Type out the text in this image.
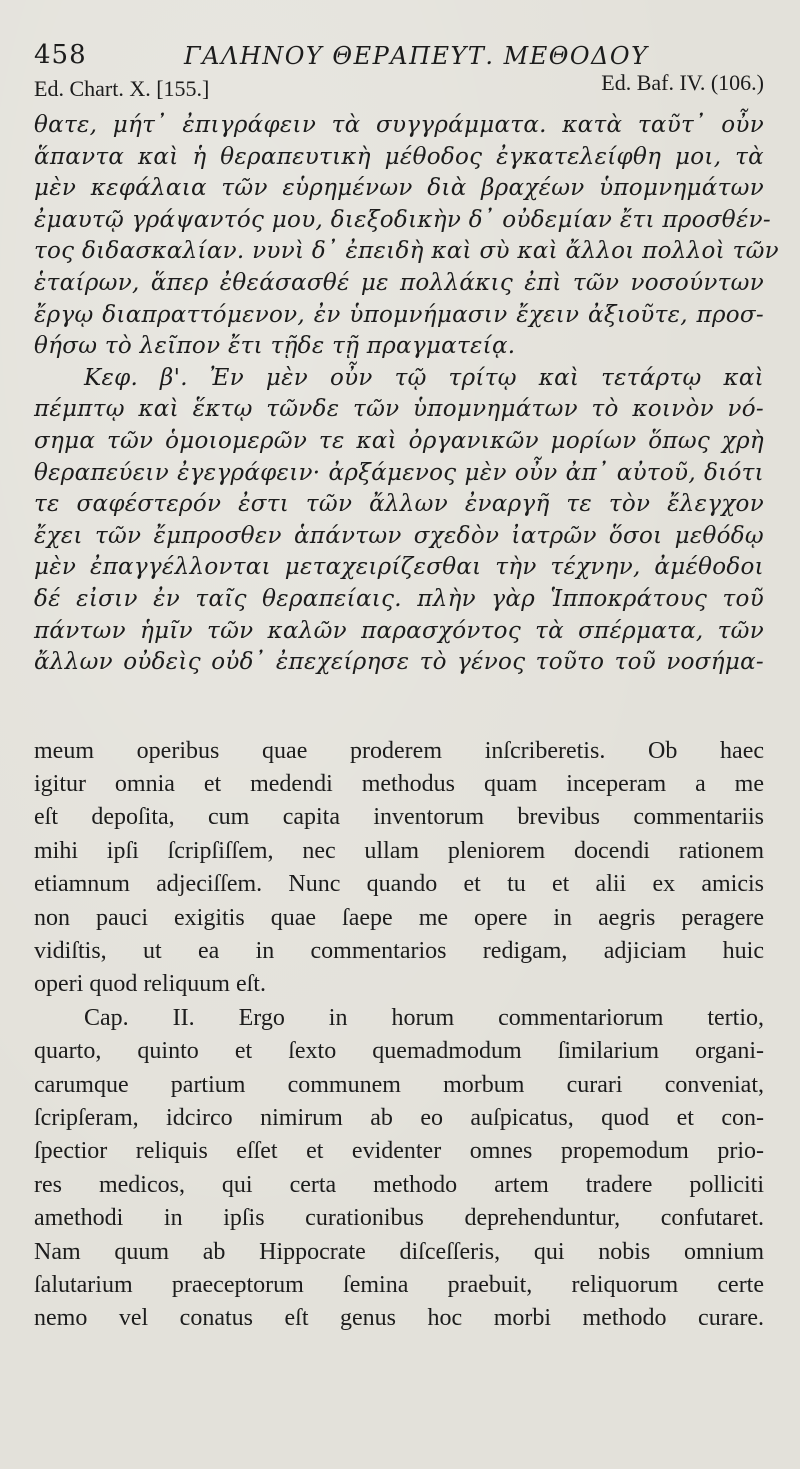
458	ΓΑΛΗΝΟΥ ΘΕΡΑΠΕΥΤ. ΜΕΘΟΔΟΥ
Ed. Chart. X. [155.]	Ed. Baf. IV. (106.)
θατε, μήτ᾿ ἐπιγράφειν τὰ συγγράμματα. κατὰ ταῦτ᾿ οὖν
ἅπαντα καὶ ἡ θεραπευτικὴ μέθοδος ἐγκατελείφθη μοι, τὰ
μὲν κεφάλαια τῶν εὑρημένων διὰ βραχέων ὑπομνημάτων
ἐμαυτῷ γράψαντός μου, διεξοδικὴν δ᾿ οὐδεμίαν ἔτι προσθέν-
τος διδασκαλίαν. νυνὶ δ᾿ ἐπειδὴ καὶ σὺ καὶ ἄλλοι πολλοὶ τῶν
ἑταίρων, ἅπερ ἐθεάσασθέ με πολλάκις ἐπὶ τῶν νοσούντων
ἔργῳ διαπραττόμενον, ἐν ὑπομνήμασιν ἔχειν ἀξιοῦτε, προσ-
θήσω τὸ λεῖπον ἔτι τῇδε τῇ πραγματείᾳ.
Κεφ. β'. Ἐν μὲν οὖν τῷ τρίτῳ καὶ τετάρτῳ καὶ
πέμπτῳ καὶ ἕκτῳ τῶνδε τῶν ὑπομνημάτων τὸ κοινὸν νό-
σημα τῶν ὁμοιομερῶν τε καὶ ὀργανικῶν μορίων ὅπως χρὴ
θεραπεύειν ἐγεγράφειν· ἀρξάμενος μὲν οὖν ἀπ᾿ αὐτοῦ, διότι
τε σαφέστερόν ἐστι τῶν ἄλλων ἐναργῆ τε τὸν ἔλεγχον
ἔχει τῶν ἔμπροσθεν ἁπάντων σχεδὸν ἰατρῶν ὅσοι μεθόδῳ
μὲν ἐπαγγέλλονται μεταχειρίζεσθαι τὴν τέχνην, ἀμέθοδοι
δέ εἰσιν ἐν ταῖς θεραπείαις. πλὴν γὰρ Ἱπποκράτους τοῦ
πάντων ἡμῖν τῶν καλῶν παρασχόντος τὰ σπέρματα, τῶν
ἄλλων οὐδεὶς οὐδ᾿ ἐπεχείρησε τὸ γένος τοῦτο τοῦ νοσήμα-
meum operibus quae proderem inſcriberetis. Ob haec
igitur omnia et medendi methodus quam inceperam a me
eſt depoſita, cum capita inventorum brevibus commentariis
mihi ipſi ſcripſiſſem, nec ullam pleniorem docendi rationem
etiamnum adjeciſſem. Nunc quando et tu et alii ex amicis
non pauci exigitis quae ſaepe me opere in aegris peragere
vidiſtis, ut ea in commentarios redigam, adjiciam huic
operi quod reliquum eſt.
Cap. II. Ergo in horum commentariorum tertio,
quarto, quinto et ſexto quemadmodum ſimilarium organi-
carumque partium communem morbum curari conveniat,
ſcripſeram, idcirco nimirum ab eo auſpicatus, quod et con-
ſpectior reliquis eſſet et evidenter omnes propemodum prio-
res medicos, qui certa methodo artem tradere polliciti
amethodi in ipſis curationibus deprehenduntur, confutaret.
Nam quum ab Hippocrate diſceſſeris, qui nobis omnium
ſalutarium praeceptorum ſemina praebuit, reliquorum certe
nemo vel conatus eſt genus hoc morbi methodo curare.
